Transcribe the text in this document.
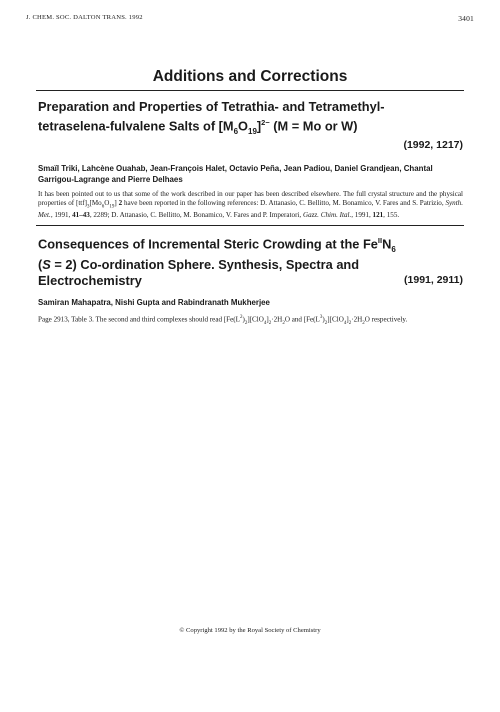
J. CHEM. SOC. DALTON TRANS. 1992	3401
Additions and Corrections
Preparation and Properties of Tetrathia- and Tetramethyl-
tetraselena-fulvalene Salts of $[M_6O_{19}]^{2-}$ (M = Mo or W)
(1992, 1217)
Smaïl Triki, Lahcène Ouahab, Jean-François Halet, Octavio Peña, Jean Padiou, Daniel Grandjean, Chantal Garrigou-Lagrange and Pierre Delhaes
It has been pointed out to us that some of the work described in our paper has been described elsewhere. The full crystal structure and the physical properties of $[ttf]_3[Mo_6O_{19}]$ 2 have been reported in the following references: D. Attanasio, C. Bellitto, M. Bonamico, V. Fares and S. Patrizio, Synth. Met., 1991, 41–43, 2289; D. Attanasio, C. Bellitto, M. Bonamico, V. Fares and P. Imperatori, Gazz. Chim. Ital., 1991, 121, 155.
Consequences of Incremental Steric Crowding at the $Fe^{II}N_6$
(S = 2) Co-ordination Sphere. Synthesis, Spectra and
Electrochemistry	(1991, 2911)
Samiran Mahapatra, Nishi Gupta and Rabindranath Mukherjee
Page 2913, Table 3. The second and third complexes should read $[Fe(L^2)_2][ClO_4]_2\cdot 2H_2O$ and $[Fe(L^3)_2][ClO_4]_2\cdot 2H_2O$ respectively.
© Copyright 1992 by the Royal Society of Chemistry
